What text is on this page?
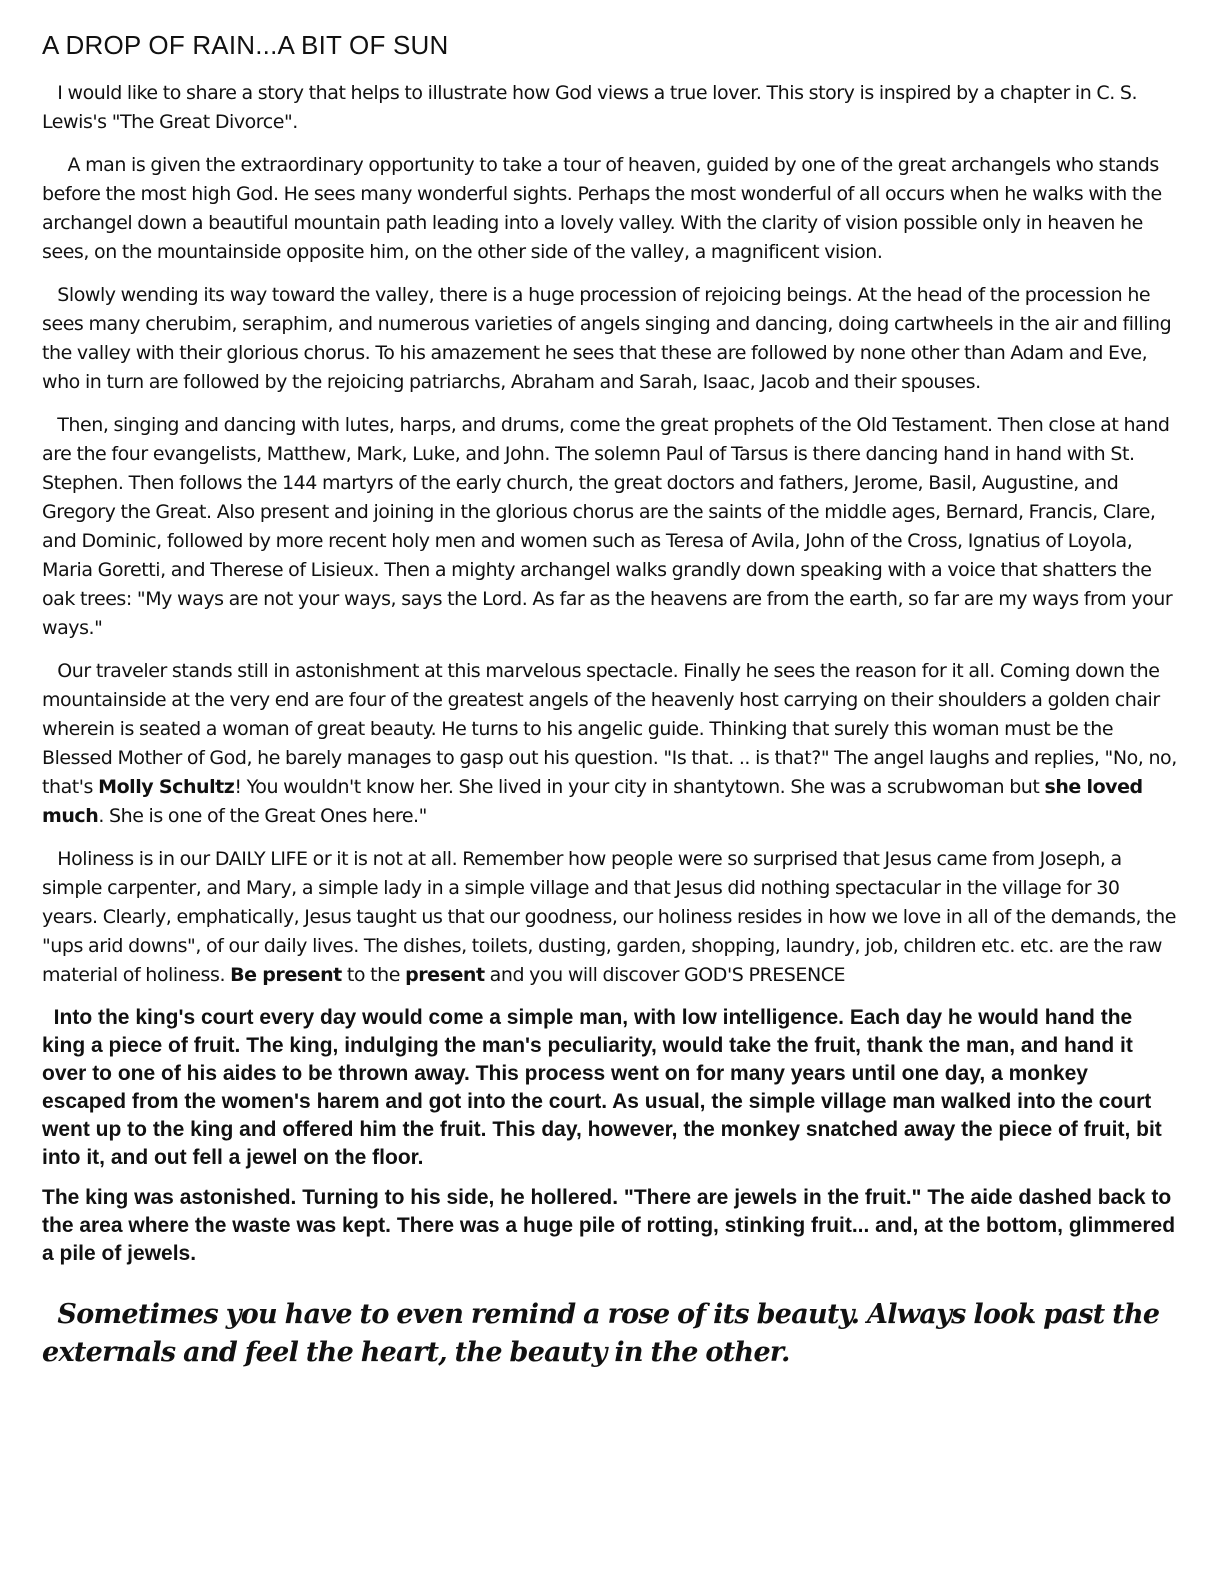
A DROP OF RAIN...A BIT OF SUN

I would like to share a story that helps to illustrate how God views a true lover. This story is inspired by a chapter in C. S. Lewis's "The Great Divorce".

A man is given the extraordinary opportunity to take a tour of heaven, guided by one of the great archangels who stands before the most high God. He sees many wonderful sights. Perhaps the most wonderful of all occurs when he walks with the archangel down a beautiful mountain path leading into a lovely valley. With the clarity of vision possible only in heaven he sees, on the mountainside opposite him, on the other side of the valley, a magnificent vision.

Slowly wending its way toward the valley, there is a huge procession of rejoicing beings. At the head of the procession he sees many cherubim, seraphim, and numerous varieties of angels singing and dancing, doing cartwheels in the air and filling the valley with their glorious chorus. To his amazement he sees that these are followed by none other than Adam and Eve, who in turn are followed by the rejoicing patriarchs, Abraham and Sarah, Isaac, Jacob and their spouses.

Then, singing and dancing with lutes, harps, and drums, come the great prophets of the Old Testament. Then close at hand are the four evangelists, Matthew, Mark, Luke, and John. The solemn Paul of Tarsus is there dancing hand in hand with St. Stephen. Then follows the 144 martyrs of the early church, the great doctors and fathers, Jerome, Basil, Augustine, and Gregory the Great. Also present and joining in the glorious chorus are the saints of the middle ages, Bernard, Francis, Clare, and Dominic, followed by more recent holy men and women such as Teresa of Avila, John of the Cross, Ignatius of Loyola, Maria Goretti, and Therese of Lisieux. Then a mighty archangel walks grandly down speaking with a voice that shatters the oak trees: "My ways are not your ways, says the Lord. As far as the heavens are from the earth, so far are my ways from your ways."

Our traveler stands still in astonishment at this marvelous spectacle. Finally he sees the reason for it all. Coming down the mountainside at the very end are four of the greatest angels of the heavenly host carrying on their shoulders a golden chair wherein is seated a woman of great beauty. He turns to his angelic guide. Thinking that surely this woman must be the Blessed Mother of God, he barely manages to gasp out his question. "Is that. .. is that?" The angel laughs and replies, "No, no, that's Molly Schultz! You wouldn't know her. She lived in your city in shantytown. She was a scrubwoman but she loved much. She is one of the Great Ones here."

Holiness is in our DAILY LIFE or it is not at all. Remember how people were so surprised that Jesus came from Joseph, a simple carpenter, and Mary, a simple lady in a simple village and that Jesus did nothing spectacular in the village for 30 years. Clearly, emphatically, Jesus taught us that our goodness, our holiness resides in how we love in all of the demands, the "ups arid downs", of our daily lives. The dishes, toilets, dusting, garden, shopping, laundry, job, children etc. etc. are the raw material of holiness. Be present to the present and you will discover GOD'S PRESENCE

Into the king's court every day would come a simple man, with low intelligence. Each day he would hand the king a piece of fruit. The king, indulging the man's peculiarity, would take the fruit, thank the man, and hand it over to one of his aides to be thrown away. This process went on for many years until one day, a monkey escaped from the women's harem and got into the court. As usual, the simple village man walked into the court went up to the king and offered him the fruit. This day, however, the monkey snatched away the piece of fruit, bit into it, and out fell a jewel on the floor.

The king was astonished. Turning to his side, he hollered. "There are jewels in the fruit." The aide dashed back to the area where the waste was kept. There was a huge pile of rotting, stinking fruit... and, at the bottom, glimmered a pile of jewels.

Sometimes you have to even remind a rose of its beauty. Always look past the externals and feel the heart, the beauty in the other.
